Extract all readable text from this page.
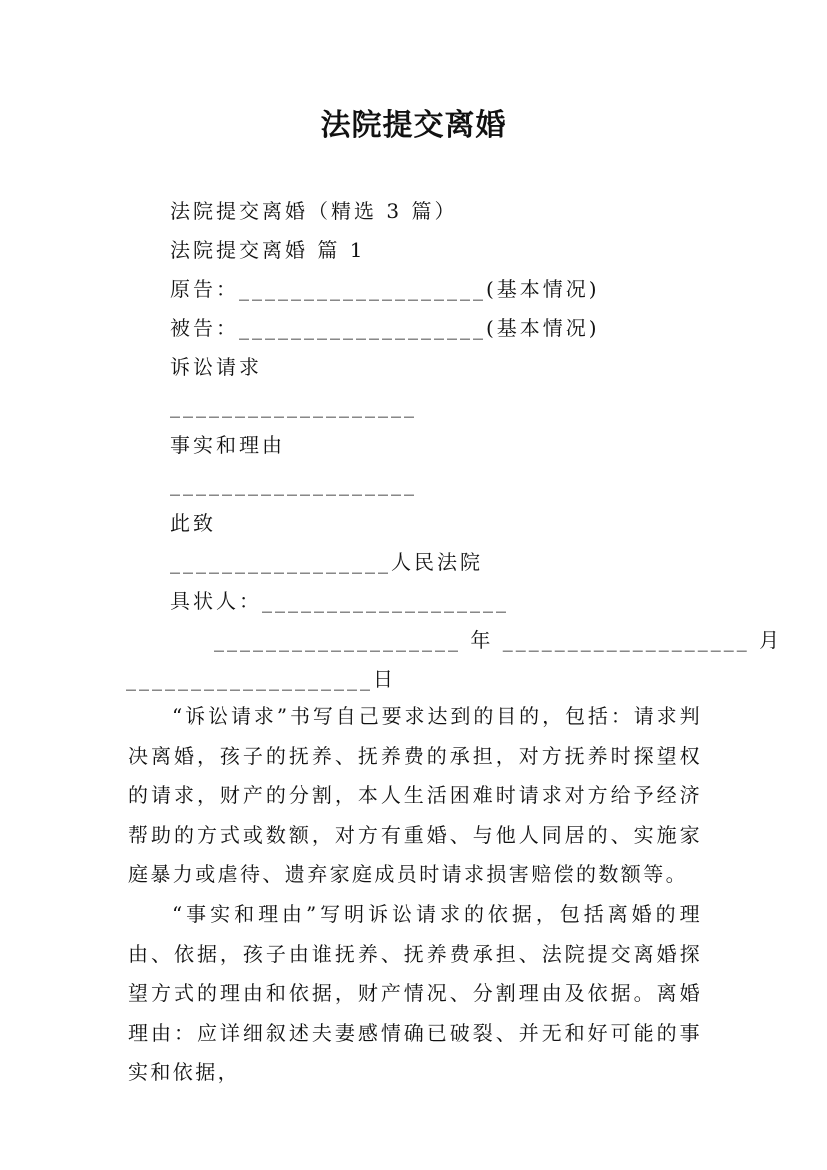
法院提交离婚
法院提交离婚（精选 3 篇）
法院提交离婚 篇 1
原告：___________________(基本情况)
被告：___________________(基本情况)
诉讼请求
___________________
事实和理由
___________________
此致
_________________人民法院
具状人：___________________
___________________ 年 ___________________ 月
___________________日

“诉讼请求”书写自己要求达到的目的，包括：请求判决离婚，孩子的抚养、抚养费的承担，对方抚养时探望权的请求，财产的分割，本人生活困难时请求对方给予经济帮助的方式或数额，对方有重婚、与他人同居的、实施家庭暴力或虐待、遗弃家庭成员时请求损害赔偿的数额等。

“事实和理由”写明诉讼请求的依据，包括离婚的理由、依据，孩子由谁抚养、抚养费承担、法院提交离婚探望方式的理由和依据，财产情况、分割理由及依据。离婚理由：应详细叙述夫妻感情确已破裂、并无和好可能的事实和依据，
